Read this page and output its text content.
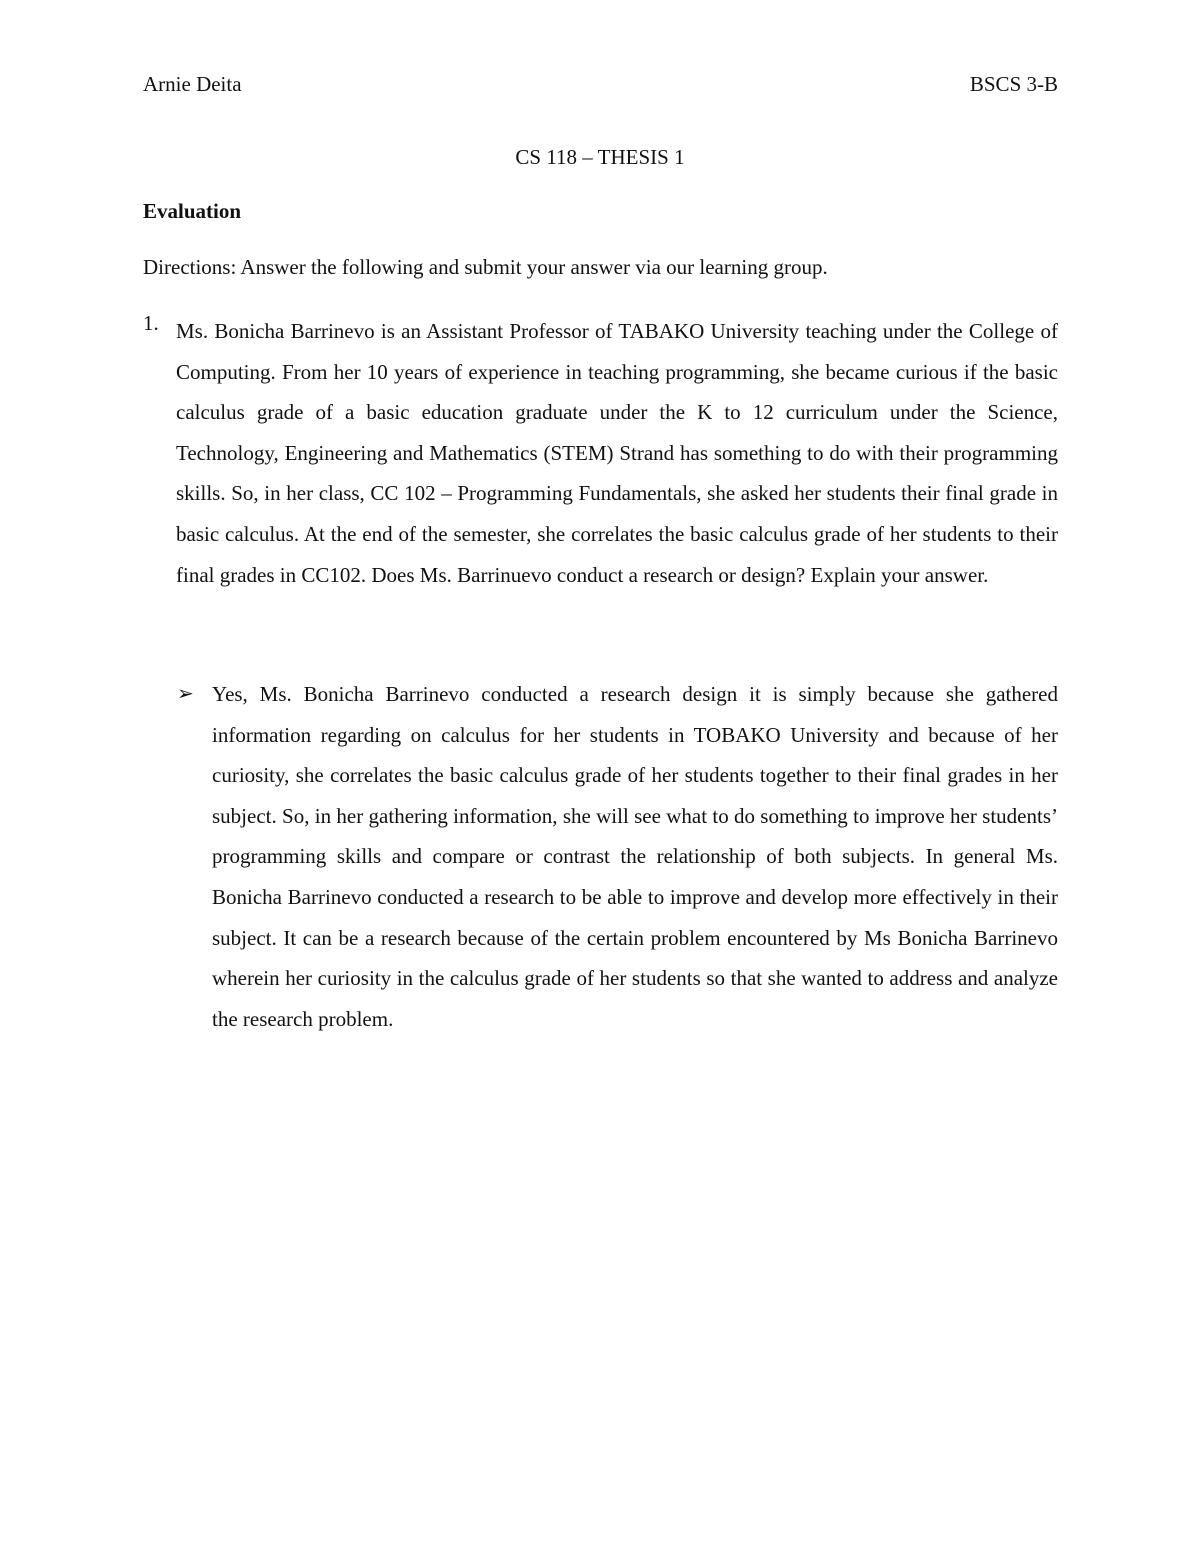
Arnie Deita	BSCS 3-B
CS 118 – THESIS 1
Evaluation
Directions: Answer the following and submit your answer via our learning group.
1. Ms. Bonicha Barrinevo is an Assistant Professor of TABAKO University teaching under the College of Computing. From her 10 years of experience in teaching programming, she became curious if the basic calculus grade of a basic education graduate under the K to 12 curriculum under the Science, Technology, Engineering and Mathematics (STEM) Strand has something to do with their programming skills. So, in her class, CC 102 – Programming Fundamentals, she asked her students their final grade in basic calculus. At the end of the semester, she correlates the basic calculus grade of her students to their final grades in CC102. Does Ms. Barrinuevo conduct a research or design? Explain your answer.
➢ Yes, Ms. Bonicha Barrinevo conducted a research design it is simply because she gathered information regarding on calculus for her students in TOBAKO University and because of her curiosity, she correlates the basic calculus grade of her students together to their final grades in her subject. So, in her gathering information, she will see what to do something to improve her students’ programming skills and compare or contrast the relationship of both subjects. In general Ms. Bonicha Barrinevo conducted a research to be able to improve and develop more effectively in their subject. It can be a research because of the certain problem encountered by Ms Bonicha Barrinevo wherein her curiosity in the calculus grade of her students so that she wanted to address and analyze the research problem.
